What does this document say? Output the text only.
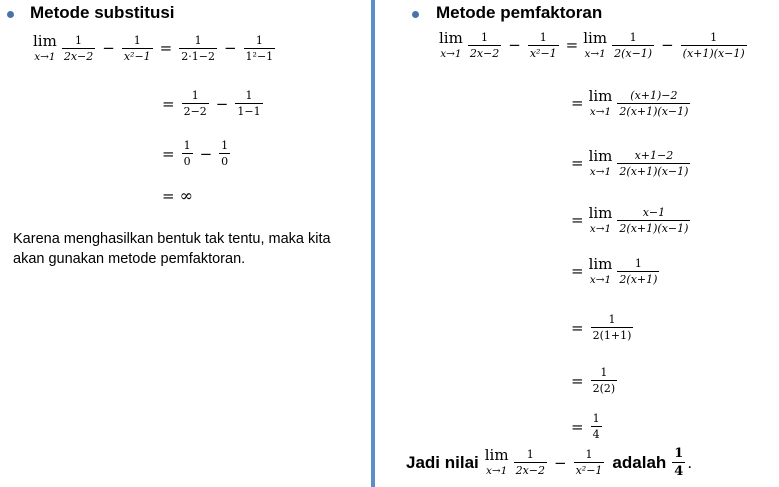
Metode substitusi
lim
$x\to 1 \frac{1}{2x-2} - \frac{1}{\text{x²−1}} = \frac{1}{2\cdot 1-2} - \frac{1}{\text{1²−1}}$
= $\frac{1}{2-2} - \frac{1}{1-1}$
= $\frac{1}{0} - \frac{1}{0}$
= ∞
Karena menghasilkan bentuk tak tentu, maka kita akan gunakan metode pemfaktoran.
Metode pemfaktoran
lim
$x\to 1 \frac{1}{2x-2} - \frac{1}{\text{x²−1}} = \lim$
$x\to 1 \frac{1}{2(x-1)} - \frac{1}{(x+1)(x-1)}$
= lim
$x\to 1 \frac{(x+1)-2}{2(x+1)(x-1)}$
= lim
$x\to 1 \frac{x+1-2}{2(x+1)(x-1)}$
= lim
$x\to 1 \frac{x-1}{2(x+1)(x-1)}$
= lim
$x\to 1 \frac{1}{2(x+1)}$
= $\frac{1}{2(1+1)}$
= $\frac{1}{2(2)}$
= $\frac{1}{4}$
Jadi nilai lim
$x\to 1 \frac{1}{2x-2} - \frac{1}{\text{x²−1}}$ adalah $\frac{1}{4}$ .
